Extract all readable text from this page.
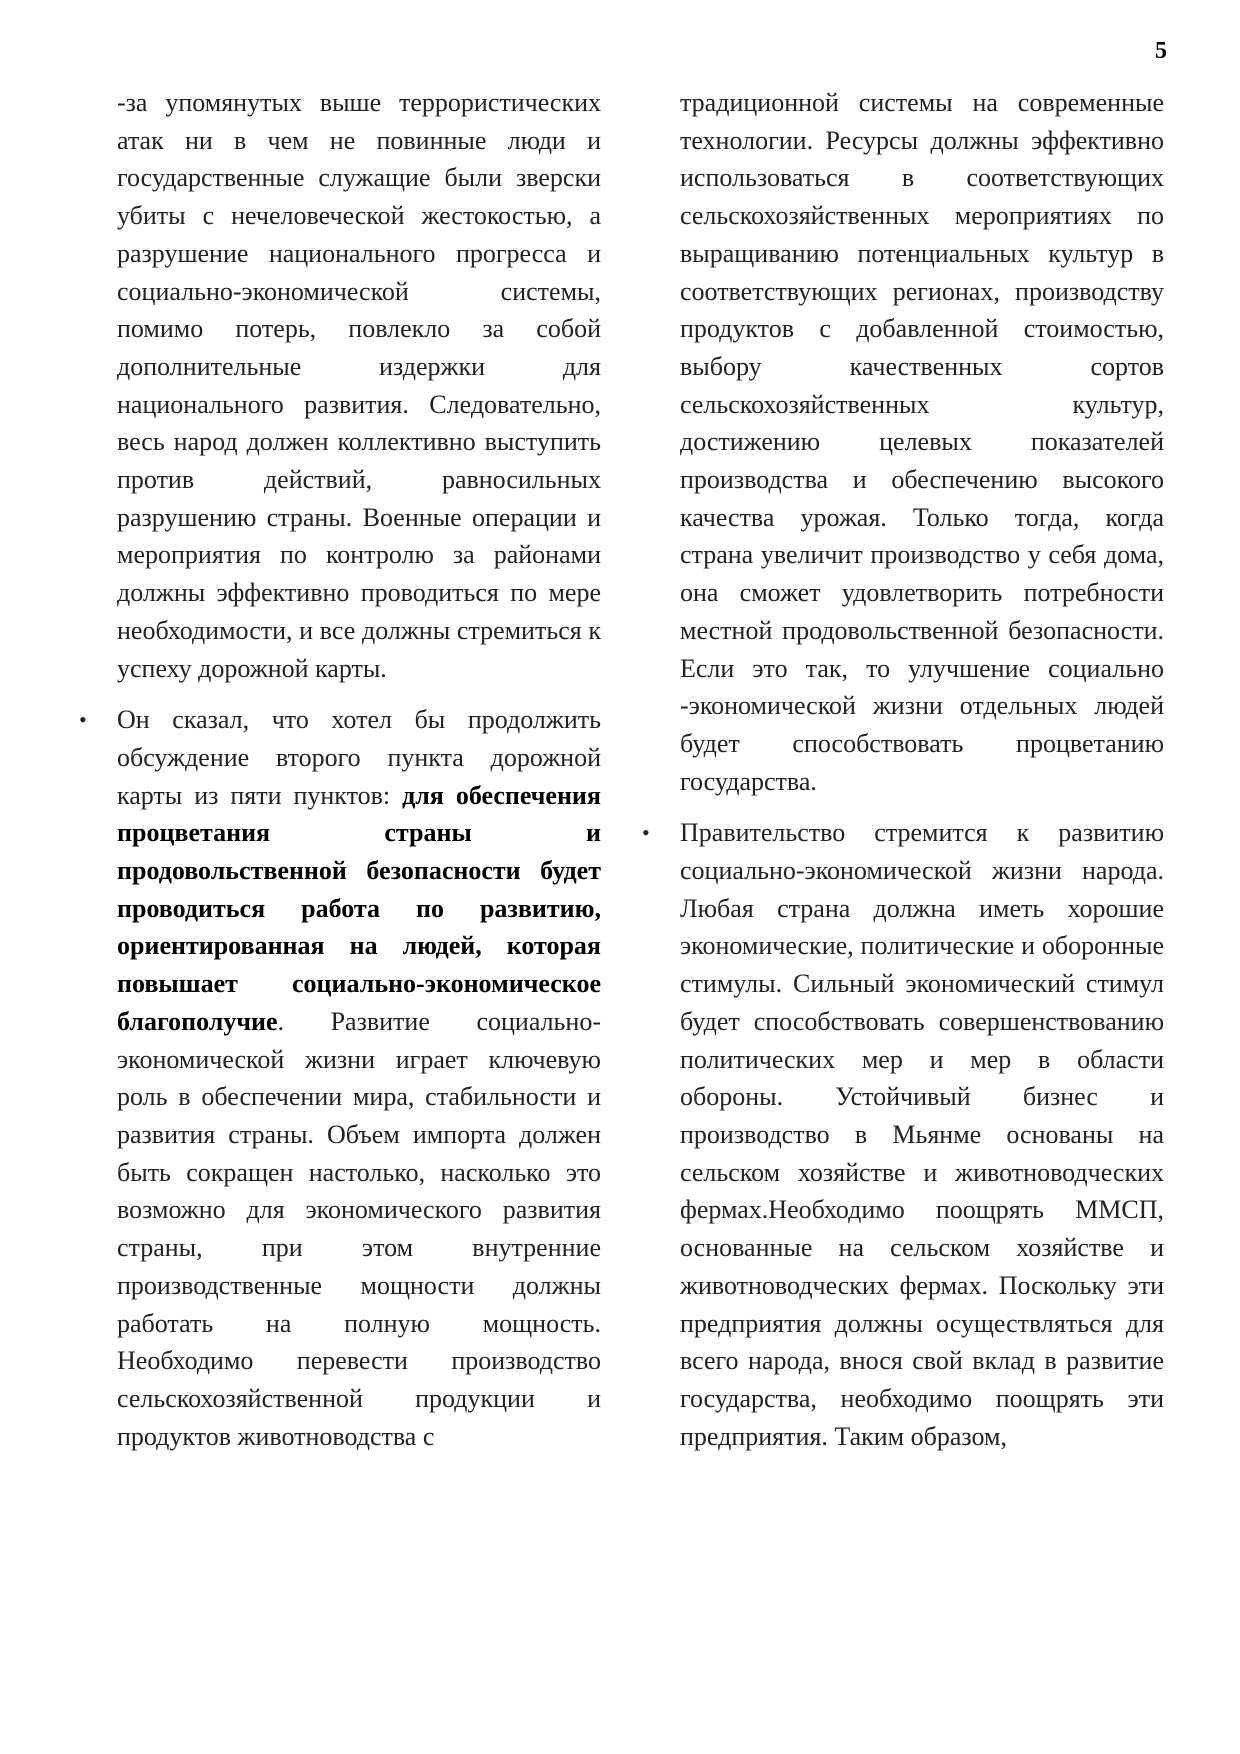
5

-за упомянутых выше террористических атак ни в чем не повинные люди и государственные служащие были зверски убиты с нечеловеческой жестокостью, а разрушение национального прогресса и социально-экономической системы, помимо потерь, повлекло за собой дополнительные издержки для национального развития. Следовательно, весь народ должен коллективно выступить против действий, равносильных разрушению страны. Военные операции и мероприятия по контролю за районами должны эффективно проводиться по мере необходимости, и все должны стремиться к успеху дорожной карты.

• Он сказал, что хотел бы продолжить обсуждение второго пункта дорожной карты из пяти пунктов: для обеспечения процветания страны и продовольственной безопасности будет проводиться работа по развитию, ориентированная на людей, которая повышает социально-экономическое благополучие. Развитие социально-экономической жизни играет ключевую роль в обеспечении мира, стабильности и развития страны. Объем импорта должен быть сокращен настолько, насколько это возможно для экономического развития страны, при этом внутренние производственные мощности должны работать на полную мощность. Необходимо перевести производство сельскохозяйственной продукции и продуктов животноводства с

традиционной системы на современные технологии. Ресурсы должны эффективно использоваться в соответствующих сельскохозяйственных мероприятиях по выращиванию потенциальных культур в соответствующих регионах, производству продуктов с добавленной стоимостью, выбору качественных сортов сельскохозяйственных культур, достижению целевых показателей производства и обеспечению высокого качества урожая. Только тогда, когда страна увеличит производство у себя дома, она сможет удовлетворить потребности местной продовольственной безопасности. Если это так, то улучшение социально -экономической жизни отдельных людей будет способствовать процветанию государства.

• Правительство стремится к развитию социально-экономической жизни народа. Любая страна должна иметь хорошие экономические, политические и оборонные стимулы. Сильный экономический стимул будет способствовать совершенствованию политических мер и мер в области обороны. Устойчивый бизнес и производство в Мьянме основаны на сельском хозяйстве и животноводческих фермах.Необходимо поощрять ММСП, основанные на сельском хозяйстве и животноводческих фермах. Поскольку эти предприятия должны осуществляться для всего народа, внося свой вклад в развитие государства, необходимо поощрять эти предприятия. Таким образом,
